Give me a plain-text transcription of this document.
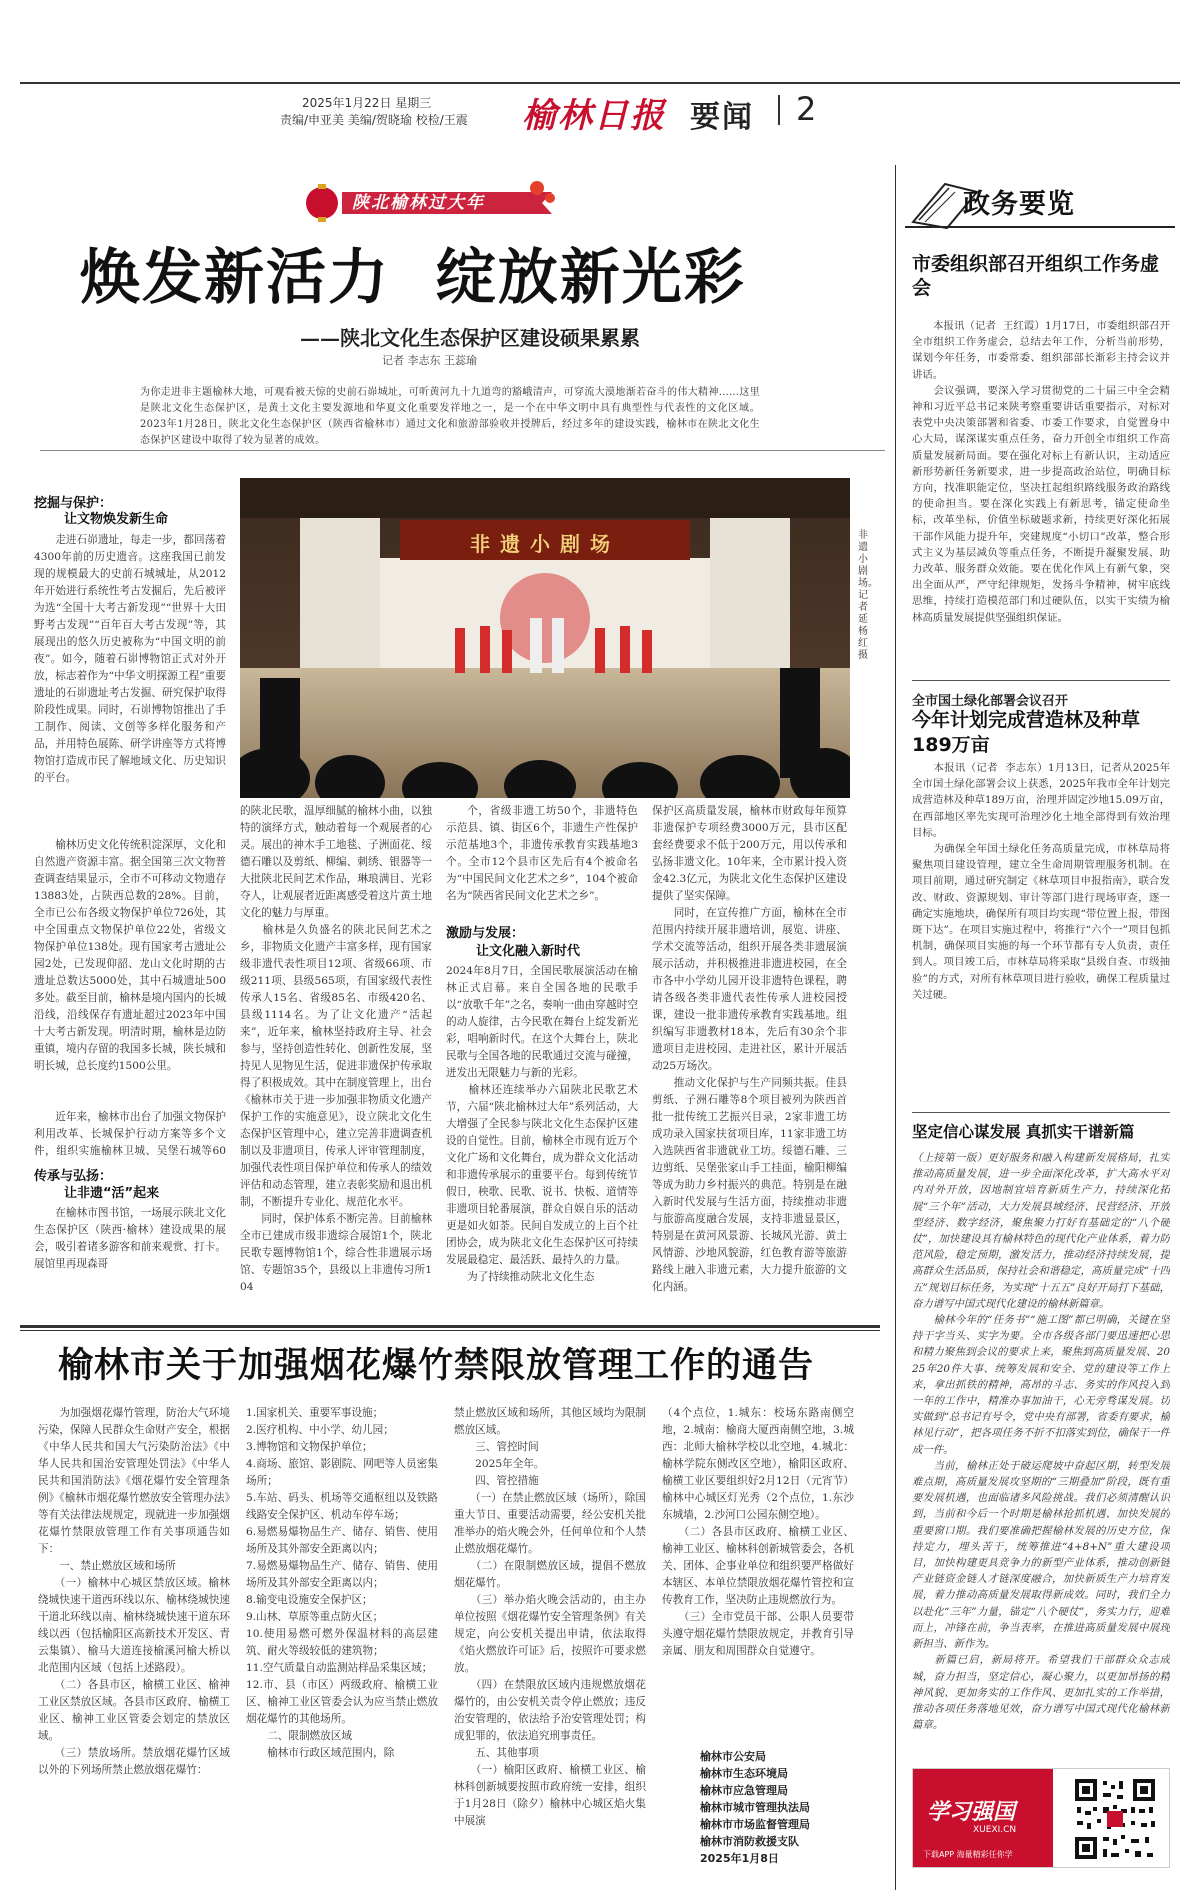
2025年1月22日 星期三
责编/申亚美 美编/贺晓瑜 校检/王震 榆林日报 要闻 2
陕北榆林过大年
焕发新活力  绽放新光彩
——陕北文化生态保护区建设硕果累累
记者 李志东 王蕊瑜
为你走进非主题榆林大地，可观看被天惊的史前石峁城址，可听黄河九十九道弯的豁峨清声，可穿流大漠地渐若奋斗的伟大精神……这里是陕北文化生态保护区，是黄土文化主要发源地和华夏文化重要发祥地之一，是一个在中华文明中具有典型性与代表性的文化区域。2023年1月28日，陕北文化生态保护区（陕西省榆林市）通过文化和旅游部验收并授牌后，经过多年的建设实践，榆林市在陕北文化生态保护区建设中取得了较为显著的成效。
挖掘与保护：
让文物焕发新生命
走进石峁遗址，每走一步，都回荡着4300年前的历史遗音。这座我国已前发现的规模最大的史前石城城址，从2012年开始进行系统性考古发掘后，先后被评为选“全国十大考古新发现”“世界十大田野考古发现”“百年百大考古发现”等，其展现出的悠久历史被称为“中国文明的前夜”。如今，随着石峁博物馆正式对外开放，标志着作为“中华文明探源工程”重要遗址的石峁遗址考古发掘、研究保护取得阶段性成果。同时，石峁博物馆推出了手工制作、阅读、文创等多样化服务和产品，并用特色展陈、研学讲座等方式将博物馆打造成市民了解地域文化、历史知识的平台。
非遗小剧场	非遗小剧场。 记者 延杨红 摄

榆林历史文化传统积淀深厚，文化和自然遗产资源丰富。据全国第三次文物普查调查结果显示，全市不可移动文物遗存13883处，占陕西总数的28%。目前，全市已公布各级文物保护单位726处，其中全国重点文物保护单位22处，省级文物保护单位138处。现有国家考古遗址公园2处，已发现仰韶、龙山文化时期的古遗址总数达5000处，其中石城遗址500多处。截至目前，榆林是境内国内的长城沿线，沿线保存有遗址超过2023年中国十大考古新发现。明清时期，榆林是边防重镇，境内存留的我国多长城，陕长城和明长城，总长度约1500公里。

近年来，榆林市出台了加强文物保护利用改革、长城保护行动方案等多个文件，组织实施榆林卫城、吴堡石城等60

传承与弘扬：
让非遗“活”起来
在榆林市图书馆，一场展示陕北文化生态保护区（陕西·榆林）建设成果的展会，吸引着诸多游客和前来观赏、打卡。展馆里再现森哥
的陕北民歌，温厚细腻的榆林小曲，以独特的演绎方式，触动着每一个观展者的心灵。展出的神木手工地毯、子洲面花、绥德石雕以及剪纸、柳编、刺绣、银器等一大批陕北民间艺术作品，琳琅满目、光彩夺人，让观展者近距离感受着这片黄土地文化的魅力与厚重。
　　榆林是久负盛名的陕北民间艺术之乡，非物质文化遗产丰富多样，现有国家级非遗代表性项目12项、省级66项、市级211项、县级565项，有国家级代表性传承人15名、省级85名、市级420名、县级1114名。为了让文化遗产“活起来”，近年来，榆林坚持政府主导、社会参与，坚持创造性转化、创新性发展，坚持见人见物见生活，促进非遗保护传承取得了积极成效。其中在制度管理上，出台《榆林市关于进一步加强非物质文化遗产保护工作的实施意见》，设立陕北文化生态保护区管理中心，建立完善非遗调查机制以及非遗项目，传承人评审管理制度，加强代表性项目保护单位和传承人的绩效评估和动态管理，建立表彰奖励和退出机制，不断提升专业化、规范化水平。
　　同时，保护体系不断完善。目前榆林全市已建成市级非遗综合展馆1个，陕北民歌专题博物馆1个，综合性非遗展示场馆、专题馆35个，县级以上非遗传习所104
个，省级非遗工坊50个，非遗特色示范县、镇、街区6个，非遗生产性保护示范基地3个，非遗传承教育实践基地3个。全市12个县市区先后有4个被命名为“中国民间文化艺术之乡”，104个被命名为“陕西省民间文化艺术之乡”。
激励与发展：
让文化融入新时代
2024年8月7日，全国民歌展演活动在榆林正式启幕。来自全国各地的民歌手以“放歌千年”之名，奏响一曲由穿越时空的动人旋律，古今民歌在舞台上绽发新光彩，唱响新时代。在这个大舞台上，陕北民歌与全国各地的民歌通过交流与碰撞，迸发出无限魅力与新的光彩。
　　榆林还连续举办六届陕北民歌艺术节，六届“陕北榆林过大年”系列活动，大大增强了全民参与陕北文化生态保护区建设的自觉性。目前，榆林全市现有近万个文化广场和文化舞台，成为群众文化活动和非遗传承展示的重要平台。每到传统节假日，秧歌、民歌、说书、快板、道情等非遗项目轮番展演，群众自娱自乐的活动更是如火如荼。民间自发成立的上百个社团协会，成为陕北文化生态保护区可持续发展最稳定、最活跃、最持久的力量。
　　为了持续推动陕北文化生态
保护区高质量发展，榆林市财政每年预算非遗保护专项经费3000万元，县市区配套经费要求不低于200万元，用以传承和弘扬非遗文化。10年来，全市累计投入资金42.3亿元，为陕北文化生态保护区建设提供了坚实保障。
　　同时，在宣传推广方面，榆林在全市范围内持续开展非遗培训，展览、讲座、学术交流等活动，组织开展各类非遗展演展示活动，并积极推进非遗进校园，在全市各中小学幼儿园开设非遗特色课程，聘请各级各类非遗代表性传承人进校园授课，建设一批非遗传承教育实践基地。组织编写非遗教材18本，先后有30余个非遗项目走进校园、走进社区，累计开展活动25万场次。
　　推动文化保护与生产同频共振。佳县剪纸、子洲石雕等8个项目被列为陕西首批一批传统工艺振兴目录，2家非遗工坊成功录入国家扶贫项目库，11家非遗工坊入选陕西省非遗就业工坊。绥德石雕、三边剪纸、吴堡张家山手工挂面，榆阳柳编等成为助力乡村振兴的典范。特别是在融入新时代发展与生活方面，持续推动非遗与旅游高度融合发展，支持非遗显景区，特别是在黄河风景游、长城风光游、黄土风情游、沙地风貌游，红色教育游等旅游路线上融入非遗元素，大力提升旅游的文化内涵。
榆林市关于加强烟花爆竹禁限放管理工作的通告
　　为加强烟花爆竹管理，防治大气环境污染，保障人民群众生命财产安全，根据《中华人民共和国大气污染防治法》《中华人民共和国治安管理处罚法》《中华人民共和国消防法》《烟花爆竹安全管理条例》《榆林市烟花爆竹燃放安全管理办法》等有关法律法规规定，现就进一步加强烟花爆竹禁限放管理工作有关事项通告如下：
　　一、禁止燃放区域和场所
　　（一）榆林中心城区禁放区域。榆林绕城快速干道西环线以东、榆林绕城快速干道北环线以南、榆林绕城快速干道东环线以西（包括榆阳区高新技术开发区、青云集镇）、榆马大道连接榆溪河榆大桥以北范围内区域（包括上述路段）。
　　（二）各县市区，榆横工业区、榆神工业区禁放区域。各县市区政府、榆横工业区、榆神工业区管委会划定的禁放区域。
　　（三）禁放场所。禁放烟花爆竹区域以外的下列场所禁止燃放烟花爆竹：
1.国家机关、重要军事设施；
2.医疗机构、中小学、幼儿园；
3.博物馆和文物保护单位；
4.商场、旅馆、影剧院、网吧等人员密集场所；
5.车站、码头、机场等交通枢纽以及铁路线路安全保护区、机动车停车场；
6.易燃易爆物品生产、储存、销售、使用场所及其外部安全距离以内；
7.易燃易爆物品生产、储存、销售、使用场所及其外部安全距离以内；
8.输变电设施安全保护区；
9.山林、草原等重点防火区；
10.使用易燃可燃外保温材料的高层建筑、耐火等级较低的建筑物；
11.空气质量自动监测站样品采集区域；
12.市、县（市区）两级政府、榆横工业区、榆神工业区管委会认为应当禁止燃放烟花爆竹的其他场所。
　　二、限制燃放区域
　　榆林市行政区域范围内，除
禁止燃放区域和场所，其他区域均为限制燃放区域。
　　三、管控时间
　　2025年全年。
　　四、管控措施
　　（一）在禁止燃放区域（场所），除国重大节日、重要活动需要，经公安机关批准举办的焰火晚会外，任何单位和个人禁止燃放烟花爆竹。
　　（二）在限制燃放区域，提倡不燃放烟花爆竹。
　　（三）举办焰火晚会活动的，由主办单位按照《烟花爆竹安全管理条例》有关规定，向公安机关提出申请，依法取得《焰火燃放许可证》后，按照许可要求燃放。
　　（四）在禁限放区域内违规燃放烟花爆竹的，由公安机关责令停止燃放；违反治安管理的，依法给予治安管理处罚；构成犯罪的，依法追究刑事责任。
　　五、其他事项
　　（一）榆阳区政府、榆横工业区、榆林科创新城要按照市政府统一安排，组织于1月28日（除夕）榆林中心城区焰火集中展演
（4个点位，1.城东：校场东路南侧空地，2.城南：榆商大厦西南侧空地，3.城西：北师大榆林学校以北空地，4.城北：榆林学院东侧改区空地），榆阳区政府、榆横工业区要组织好2月12日（元宵节）榆林中心城区灯光秀（2个点位，1.东沙东城墙，2.沙河口公园东侧空地）。
　　（二）各县市区政府、榆横工业区、榆神工业区、榆林科创新城管委会，各机关、团体、企事业单位和组织要严格做好本辖区、本单位禁限放烟花爆竹管控和宣传教育工作，坚决防止违规燃放行为。
　　（三）全市党员干部、公职人员要带头遵守烟花爆竹禁限放规定，并教育引导亲属、朋友和周围群众自觉遵守。
榆林市公安局
榆林市生态环境局
榆林市应急管理局
榆林市城市管理执法局
榆林市市场监督管理局
榆林市消防救援支队
2025年1月8日
政务要览
市委组织部召开组织工作务虚会
　　本报讯（记者  王红霞）1月17日，市委组织部召开全市组织工作务虚会，总结去年工作，分析当前形势，谋划今年任务，市委常委、组织部部长渐彩主持会议并讲话。
　　会议强调，要深入学习贯彻党的二十届三中全会精神和习近平总书记来陕考察重要讲话重要指示，对标对表党中央决策部署和省委、市委工作要求，自觉置身中心大局，谋深谋实重点任务，奋力开创全市组织工作高质量发展新局面。要在强化对标上有新认识，主动适应新形势新任务新要求，进一步提高政治站位，明确目标方向，找准职能定位，坚决扛起组织路线服务政治路线的使命担当。要在深化实践上有新思考，锚定使命坐标，改革坐标，价值坐标破题求新，持续更好深化拓展干部作风能力提升年，突建规度“小切口”改革，整合形式主义为基层减负等重点任务，不断提升凝聚发展、助力改革、服务群众效能。要在优化作风上有新气象，突出全面从严，严守纪律规矩，发扬斗争精神，树牢底线思维，持续打造模范部门和过硬队伍，以实干实绩为榆林高质量发展提供坚强组织保证。
全市国土绿化部署会议召开
今年计划完成营造林及种草189万亩
　　本报讯（记者  李志东）1月13日，记者从2025年全市国土绿化部署会议上获悉，2025年我市全年计划完成营造林及种草189万亩，治理并固定沙地15.09万亩，在西部地区率先实现可治理沙化土地全部得到有效治理目标。
　　为确保全年国土绿化任务高质量完成，市林草局将聚焦项目建设管理，建立全生命周期管理服务机制。在项目前期，通过研究制定《林草项目申报指南》，联合发改、财政、资源规划、审计等部门进行现场审查，逐一确定实施地块，确保所有项目均实现“带位置上报，带图斑下达”。在项目实施过程中，将推行“六个一”项目包抓机制，确保项目实施的每一个环节都有专人负责，责任到人。项目竣工后，市林草局将采取“县级自查、市级抽验”的方式，对所有林草项目进行验收，确保工程质量过关过硬。
坚定信心谋发展 真抓实干谱新篇
（上接第一版）更好服务和融入构建新发展格局，扎实推动高质量发展，进一步全面深化改革，扩大高水平对内对外开放，因地制宜培育新质生产力，持续深化拓展“三个年”活动，大力发展县域经济、民营经济、开放型经济、数字经济，聚焦聚力打好有基础定的“八个硬仗”，加快建设具有榆林特色的现代化产业体系，着力防范风险，稳定预期，激发活力，推动经济持续发展，提高群众生活品质，保持社会和谐稳定，高质量完成“十四五”规划目标任务，为实现“十五五”良好开局打下基础，奋力谱写中国式现代化建设的榆林新篇章。
　　榆林今年的“任务书”“施工图”都已明确，关键在坚持干字当头、实字为要。全市各级各部门要迅速把心思和精力聚焦到会议的要求上来，聚焦到高质量发展、2025年20件大事、统筹发展和安全、党的建设等工作上来，拿出抓铁的精神，高昂的斗志、务实的作风投入到一年的工作中，精准办事加油干，心无旁骛谋发展。切实做到“总书记有号令，党中央有部署，省委有要求，榆林见行动”，把各项任务不折不扣落实到位，确保干一件成一件。
　　当前，榆林正处于破运爬坡中奋起区期，转型发展难点期，高质量发展攻坚期的“三期叠加”阶段，既有重要发展机遇，也面临诸多风险挑战。我们必须清醒认识到，当前和今后一个时期是榆林抢抓机遇、加快发展的重要窗口期。我们要准确把握榆林发展的历史方位，保持定力，埋头苦干，统筹推进“4+8+N”重大建设项目，加快构建更具竞争力的新型产业体系，推动创新链产业链资金链人才链深度融合，加快新质生产力培育发展，着力推动高质量发展取得新成效。同时，我们全力以赴化“三年”力量，锚定“八个硬仗”，务实力行，迎难而上，冲锋在前，争当表率，在推进高质量发展中展现新担当、新作为。
　　新篇已启，新局将开。希望我们干部群众众志成城，奋力担当，坚定信心，凝心聚力，以更加昂扬的精神风貌、更加务实的工作作风、更加扎实的工作举措，推动各项任务落地见效，奋力谱写中国式现代化榆林新篇章。
学习强国
XUEXI.CN
下载APP 海量精彩任你学
